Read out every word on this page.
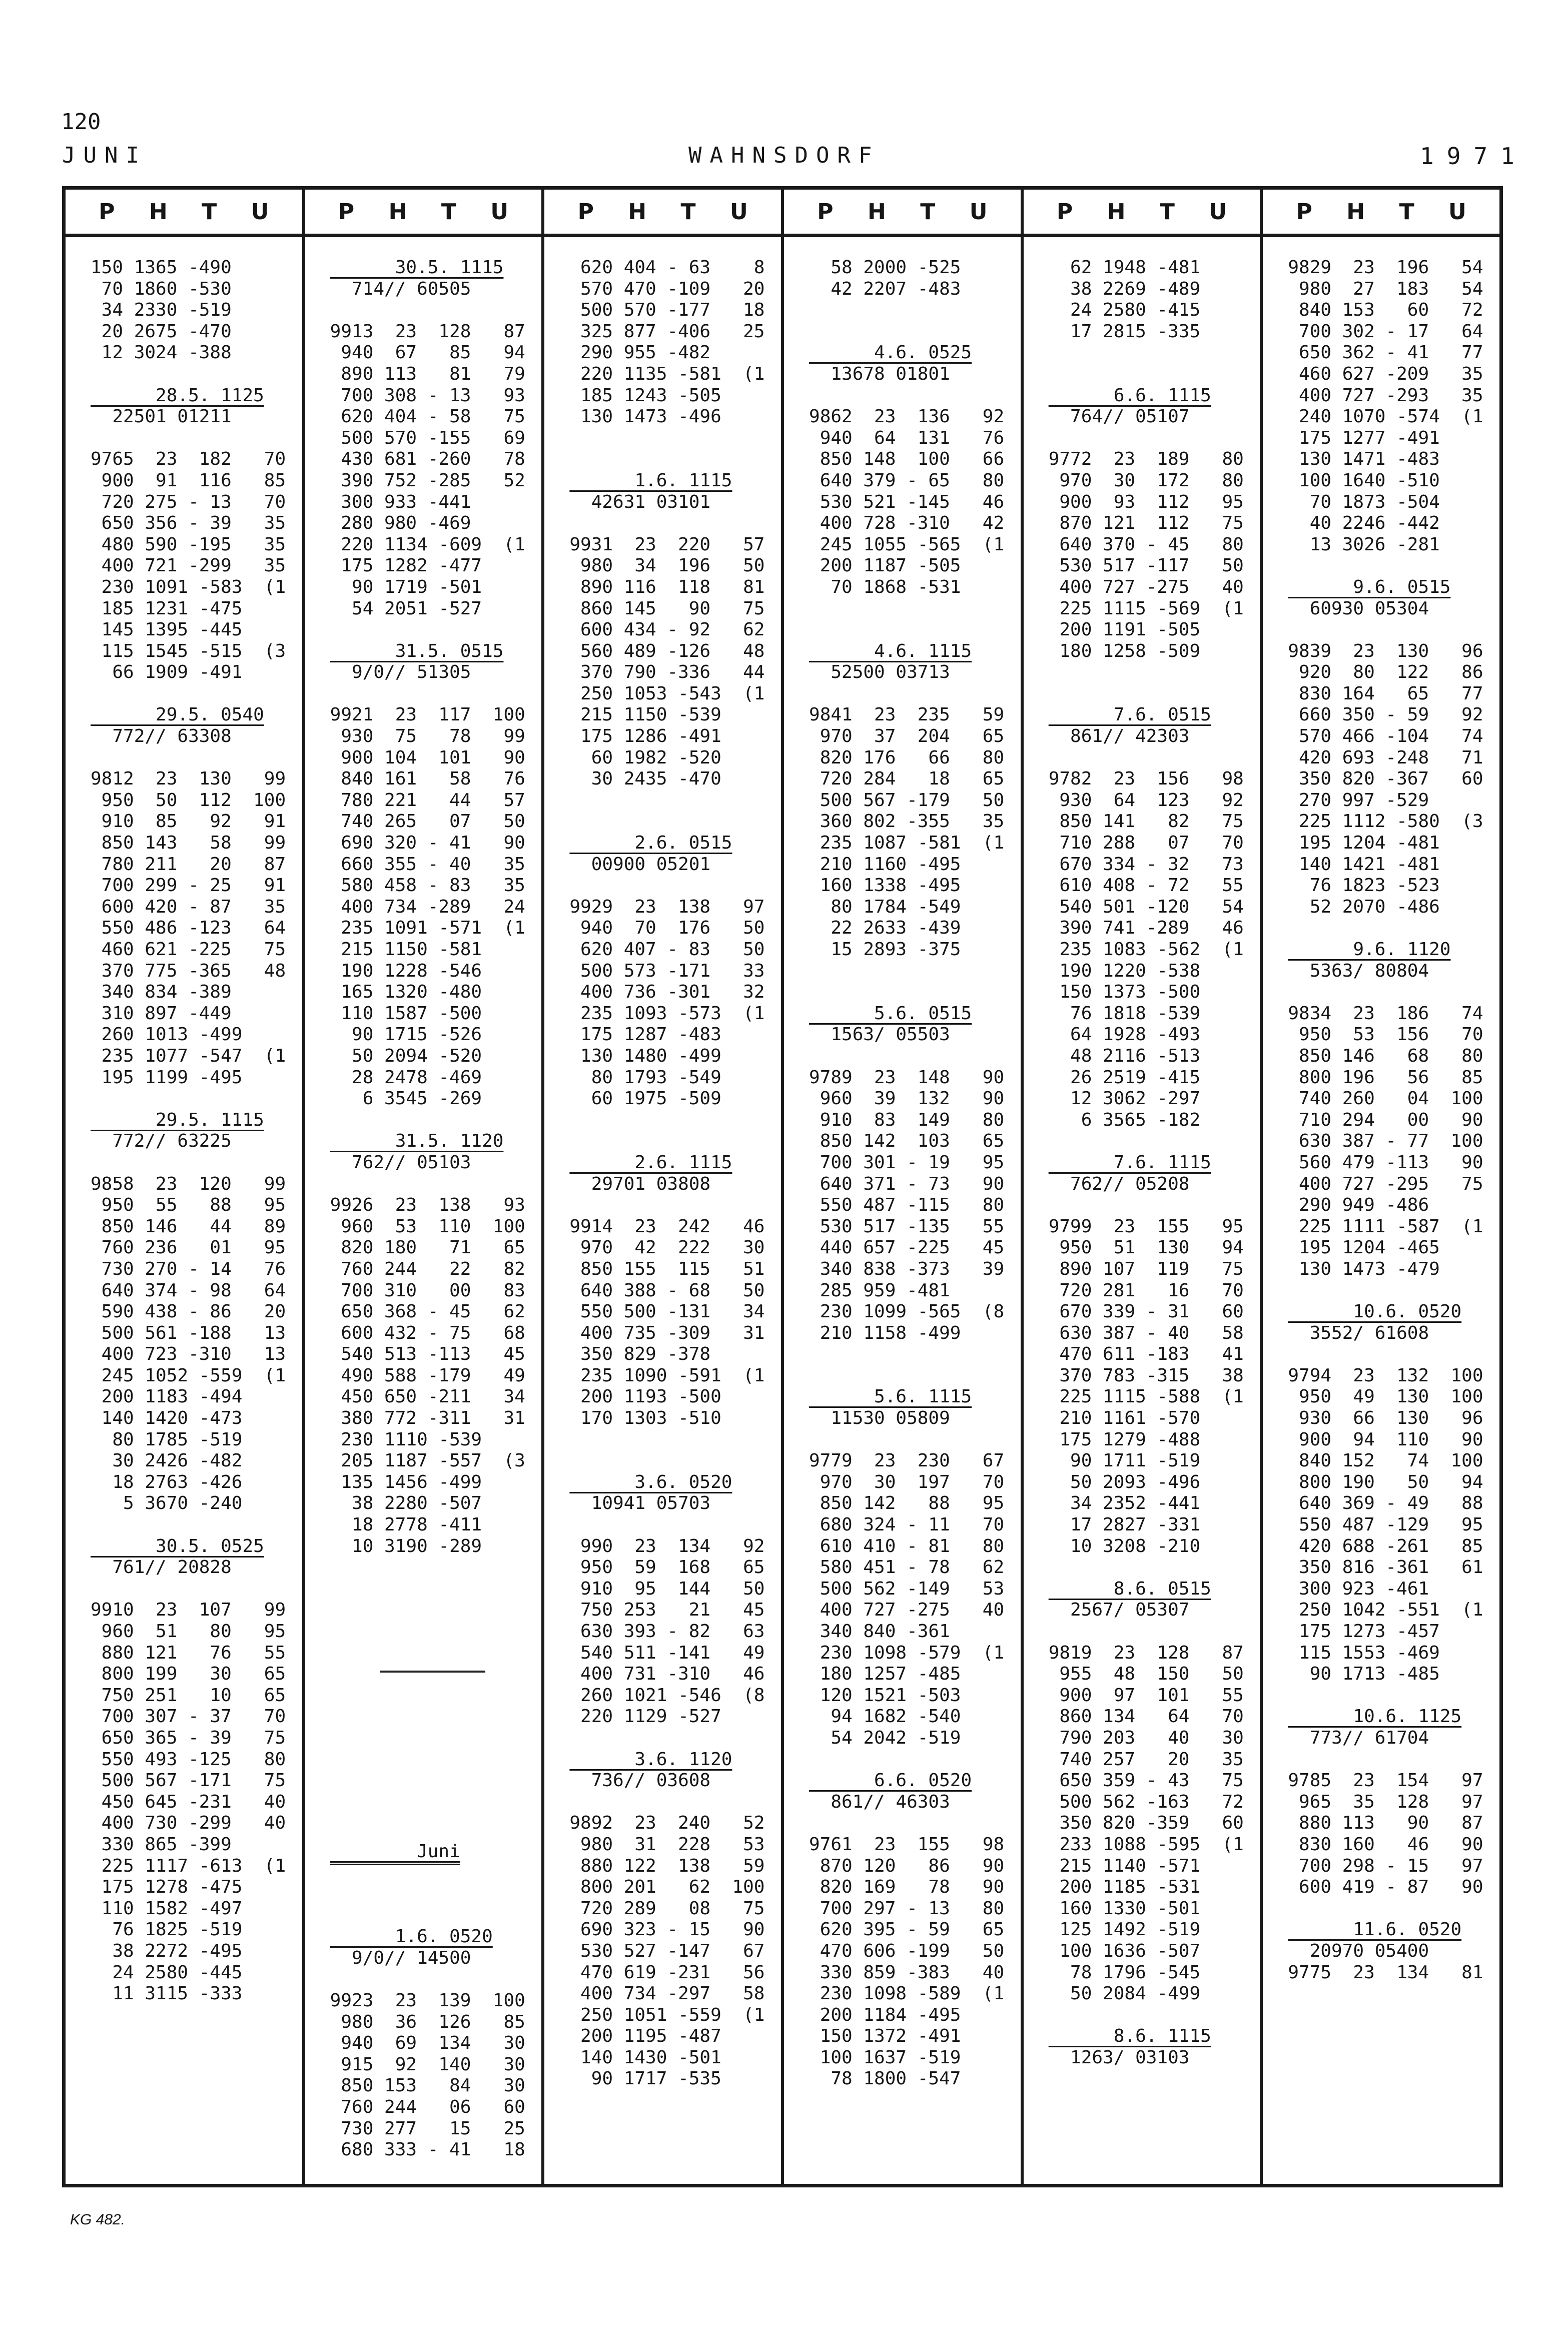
120
JUNI	WAHNSDORF	1971
P H T U
150 1365 -490
70 1860 -530
34 2330 -519
20 2675 -470
12 3024 -388
28.5. 1125
22501 01211
9765  23  182   70
900  91  116   85
720 275 - 13   70
650 356 - 39   35
480 590 -195   35
400 721 -299   35
230 1091 -583  (1
185 1231 -475
145 1395 -445
115 1545 -515  (3
66 1909 -491
29.5. 0540
772// 63308
9812  23  130   99
950  50  112  100
910  85   92   91
850 143   58   99
780 211   20   87
700 299 - 25   91
600 420 - 87   35
550 486 -123   64
460 621 -225   75
370 775 -365   48
340 834 -389
310 897 -449
260 1013 -499
235 1077 -547  (1
195 1199 -495
29.5. 1115
772// 63225
9858  23  120   99
950  55   88   95
850 146   44   89
760 236   01   95
730 270 - 14   76
640 374 - 98   64
590 438 - 86   20
500 561 -188   13
400 723 -310   13
245 1052 -559  (1
200 1183 -494
140 1420 -473
80 1785 -519
30 2426 -482
18 2763 -426
5 3670 -240
30.5. 0525
761// 20828
9910  23  107   99
960  51   80   95
880 121   76   55
800 199   30   65
750 251   10   65
700 307 - 37   70
650 365 - 39   75
550 493 -125   80
500 567 -171   75
450 645 -231   40
400 730 -299   40
330 865 -399
225 1117 -613  (1
175 1278 -475
110 1582 -497
76 1825 -519
38 2272 -495
24 2580 -445
11 3115 -333
P H T U
30.5. 1115
714// 60505
9913  23  128   87
940  67   85   94
890 113   81   79
700 308 - 13   93
620 404 - 58   75
500 570 -155   69
430 681 -260   78
390 752 -285   52
300 933 -441
280 980 -469
220 1134 -609  (1
175 1282 -477
90 1719 -501
54 2051 -527
31.5. 0515
9/0// 51305
9921  23  117  100
930  75   78   99
900 104  101   90
840 161   58   76
780 221   44   57
740 265   07   50
690 320 - 41   90
660 355 - 40   35
580 458 - 83   35
400 734 -289   24
235 1091 -571  (1
215 1150 -581
190 1228 -546
165 1320 -480
110 1587 -500
90 1715 -526
50 2094 -520
28 2478 -469
6 3545 -269
31.5. 1120
762// 05103
9926  23  138   93
960  53  110  100
820 180   71   65
760 244   22   82
700 310   00   83
650 368 - 45   62
600 432 - 75   68
540 513 -113   45
490 588 -179   49
450 650 -211   34
380 772 -311   31
230 1110 -539
205 1187 -557  (3
135 1456 -499
38 2280 -507
18 2778 -411
10 3190 -289
Juni
1.6. 0520
9/0// 14500
9923  23  139  100
980  36  126   85
940  69  134   30
915  92  140   30
850 153   84   30
760 244   06   60
730 277   15   25
680 333 - 41   18
P H T U
620 404 - 63    8
570 470 -109   20
500 570 -177   18
325 877 -406   25
290 955 -482
220 1135 -581  (1
185 1243 -505
130 1473 -496
1.6. 1115
42631 03101
9931  23  220   57
980  34  196   50
890 116  118   81
860 145   90   75
600 434 - 92   62
560 489 -126   48
370 790 -336   44
250 1053 -543  (1
215 1150 -539
175 1286 -491
60 1982 -520
30 2435 -470
2.6. 0515
00900 05201
9929  23  138   97
940  70  176   50
620 407 - 83   50
500 573 -171   33
400 736 -301   32
235 1093 -573  (1
175 1287 -483
130 1480 -499
80 1793 -549
60 1975 -509
2.6. 1115
29701 03808
9914  23  242   46
970  42  222   30
850 155  115   51
640 388 - 68   50
550 500 -131   34
400 735 -309   31
350 829 -378
235 1090 -591  (1
200 1193 -500
170 1303 -510
3.6. 0520
10941 05703
990  23  134   92
950  59  168   65
910  95  144   50
750 253   21   45
630 393 - 82   63
540 511 -141   49
400 731 -310   46
260 1021 -546  (8
220 1129 -527
3.6. 1120
736// 03608
9892  23  240   52
980  31  228   53
880 122  138   59
800 201   62  100
720 289   08   75
690 323 - 15   90
530 527 -147   67
470 619 -231   56
400 734 -297   58
250 1051 -559  (1
200 1195 -487
140 1430 -501
90 1717 -535
P H T U
58 2000 -525
42 2207 -483
4.6. 0525
13678 01801
9862  23  136   92
940  64  131   76
850 148  100   66
640 379 - 65   80
530 521 -145   46
400 728 -310   42
245 1055 -565  (1
200 1187 -505
70 1868 -531
4.6. 1115
52500 03713
9841  23  235   59
970  37  204   65
820 176   66   80
720 284   18   65
500 567 -179   50
360 802 -355   35
235 1087 -581  (1
210 1160 -495
160 1338 -495
80 1784 -549
22 2633 -439
15 2893 -375
5.6. 0515
1563/ 05503
9789  23  148   90
960  39  132   90
910  83  149   80
850 142  103   65
700 301 - 19   95
640 371 - 73   90
550 487 -115   80
530 517 -135   55
440 657 -225   45
340 838 -373   39
285 959 -481
230 1099 -565  (8
210 1158 -499
5.6. 1115
11530 05809
9779  23  230   67
970  30  197   70
850 142   88   95
680 324 - 11   70
610 410 - 81   80
580 451 - 78   62
500 562 -149   53
400 727 -275   40
340 840 -361
230 1098 -579  (1
180 1257 -485
120 1521 -503
94 1682 -540
54 2042 -519
6.6. 0520
861// 46303
9761  23  155   98
870 120   86   90
820 169   78   90
700 297 - 13   80
620 395 - 59   65
470 606 -199   50
330 859 -383   40
230 1098 -589  (1
200 1184 -495
150 1372 -491
100 1637 -519
78 1800 -547
P H T U
62 1948 -481
38 2269 -489
24 2580 -415
17 2815 -335
6.6. 1115
764// 05107
9772  23  189   80
970  30  172   80
900  93  112   95
870 121  112   75
640 370 - 45   80
530 517 -117   50
400 727 -275   40
225 1115 -569  (1
200 1191 -505
180 1258 -509
7.6. 0515
861// 42303
9782  23  156   98
930  64  123   92
850 141   82   75
710 288   07   70
670 334 - 32   73
610 408 - 72   55
540 501 -120   54
390 741 -289   46
235 1083 -562  (1
190 1220 -538
150 1373 -500
76 1818 -539
64 1928 -493
48 2116 -513
26 2519 -415
12 3062 -297
6 3565 -182
7.6. 1115
762// 05208
9799  23  155   95
950  51  130   94
890 107  119   75
720 281   16   70
670 339 - 31   60
630 387 - 40   58
470 611 -183   41
370 783 -315   38
225 1115 -588  (1
210 1161 -570
175 1279 -488
90 1711 -519
50 2093 -496
34 2352 -441
17 2827 -331
10 3208 -210
8.6. 0515
2567/ 05307
9819  23  128   87
955  48  150   50
900  97  101   55
860 134   64   70
790 203   40   30
740 257   20   35
650 359 - 43   75
500 562 -163   72
350 820 -359   60
233 1088 -595  (1
215 1140 -571
200 1185 -531
160 1330 -501
125 1492 -519
100 1636 -507
78 1796 -545
50 2084 -499
8.6. 1115
1263/ 03103
P H T U
9829  23  196   54
980  27  183   54
840 153   60   72
700 302 - 17   64
650 362 - 41   77
460 627 -209   35
400 727 -293   35
240 1070 -574  (1
175 1277 -491
130 1471 -483
100 1640 -510
70 1873 -504
40 2246 -442
13 3026 -281
9.6. 0515
60930 05304
9839  23  130   96
920  80  122   86
830 164   65   77
660 350 - 59   92
570 466 -104   74
420 693 -248   71
350 820 -367   60
270 997 -529
225 1112 -580  (3
195 1204 -481
140 1421 -481
76 1823 -523
52 2070 -486
9.6. 1120
5363/ 80804
9834  23  186   74
950  53  156   70
850 146   68   80
800 196   56   85
740 260   04  100
710 294   00   90
630 387 - 77  100
560 479 -113   90
400 727 -295   75
290 949 -486
225 1111 -587  (1
195 1204 -465
130 1473 -479
10.6. 0520
3552/ 61608
9794  23  132  100
950  49  130  100
930  66  130   96
900  94  110   90
840 152   74  100
800 190   50   94
640 369 - 49   88
550 487 -129   95
420 688 -261   85
350 816 -361   61
300 923 -461
250 1042 -551  (1
175 1273 -457
115 1553 -469
90 1713 -485
10.6. 1125
773// 61704
9785  23  154   97
965  35  128   97
880 113   90   87
830 160   46   90
700 298 - 15   97
600 419 - 87   90
11.6. 0520
20970 05400
9775  23  134   81
KG 482.
